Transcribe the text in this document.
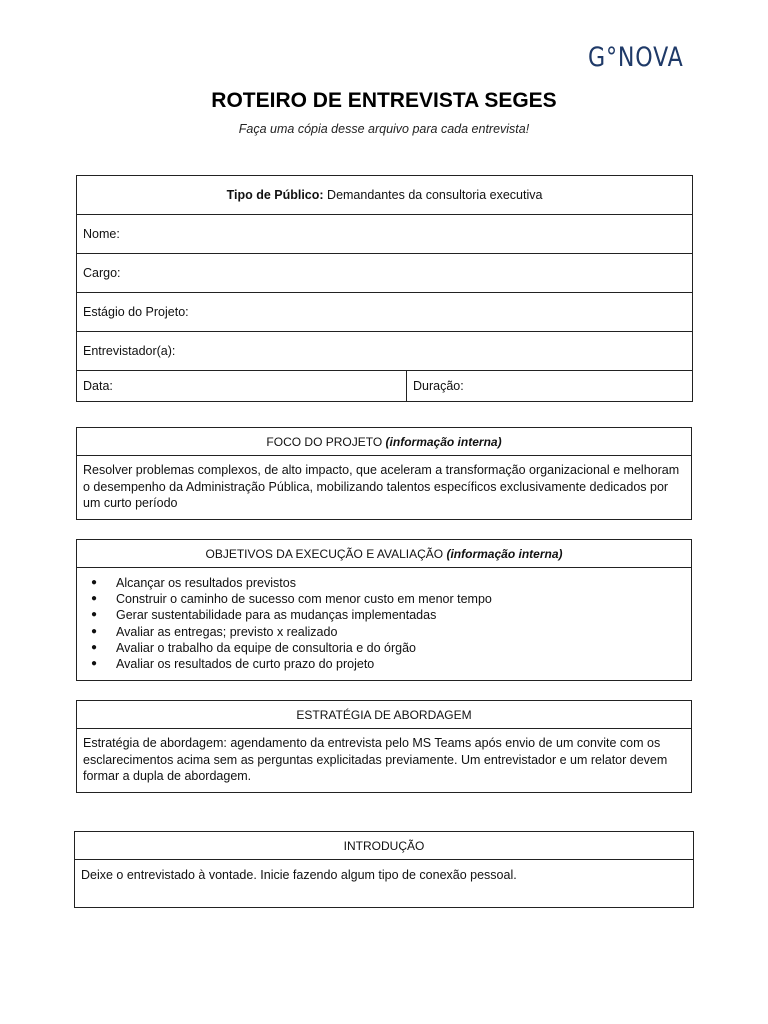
G°NOVA
ROTEIRO DE ENTREVISTA SEGES
Faça uma cópia desse arquivo para cada entrevista!
Tipo de Público: Demandantes da consultoria executiva
Nome:
Cargo:
Estágio do Projeto:
Entrevistador(a):
Data:	Duração:
FOCO DO PROJETO (informação interna)
Resolver problemas complexos, de alto impacto, que aceleram a transformação organizacional e melhoram o desempenho da Administração Pública, mobilizando talentos específicos exclusivamente dedicados por um curto período
OBJETIVOS DA EXECUÇÃO E AVALIAÇÃO (informação interna)
● Alcançar os resultados previstos
● Construir o caminho de sucesso com menor custo em menor tempo
● Gerar sustentabilidade para as mudanças implementadas
● Avaliar as entregas; previsto x realizado
● Avaliar o trabalho da equipe de consultoria e do órgão
● Avaliar os resultados de curto prazo do projeto
ESTRATÉGIA DE ABORDAGEM
Estratégia de abordagem: agendamento da entrevista pelo MS Teams após envio de um convite com os esclarecimentos acima sem as perguntas explicitadas previamente. Um entrevistador e um relator devem formar a dupla de abordagem.
INTRODUÇÃO
Deixe o entrevistado à vontade. Inicie fazendo algum tipo de conexão pessoal.
